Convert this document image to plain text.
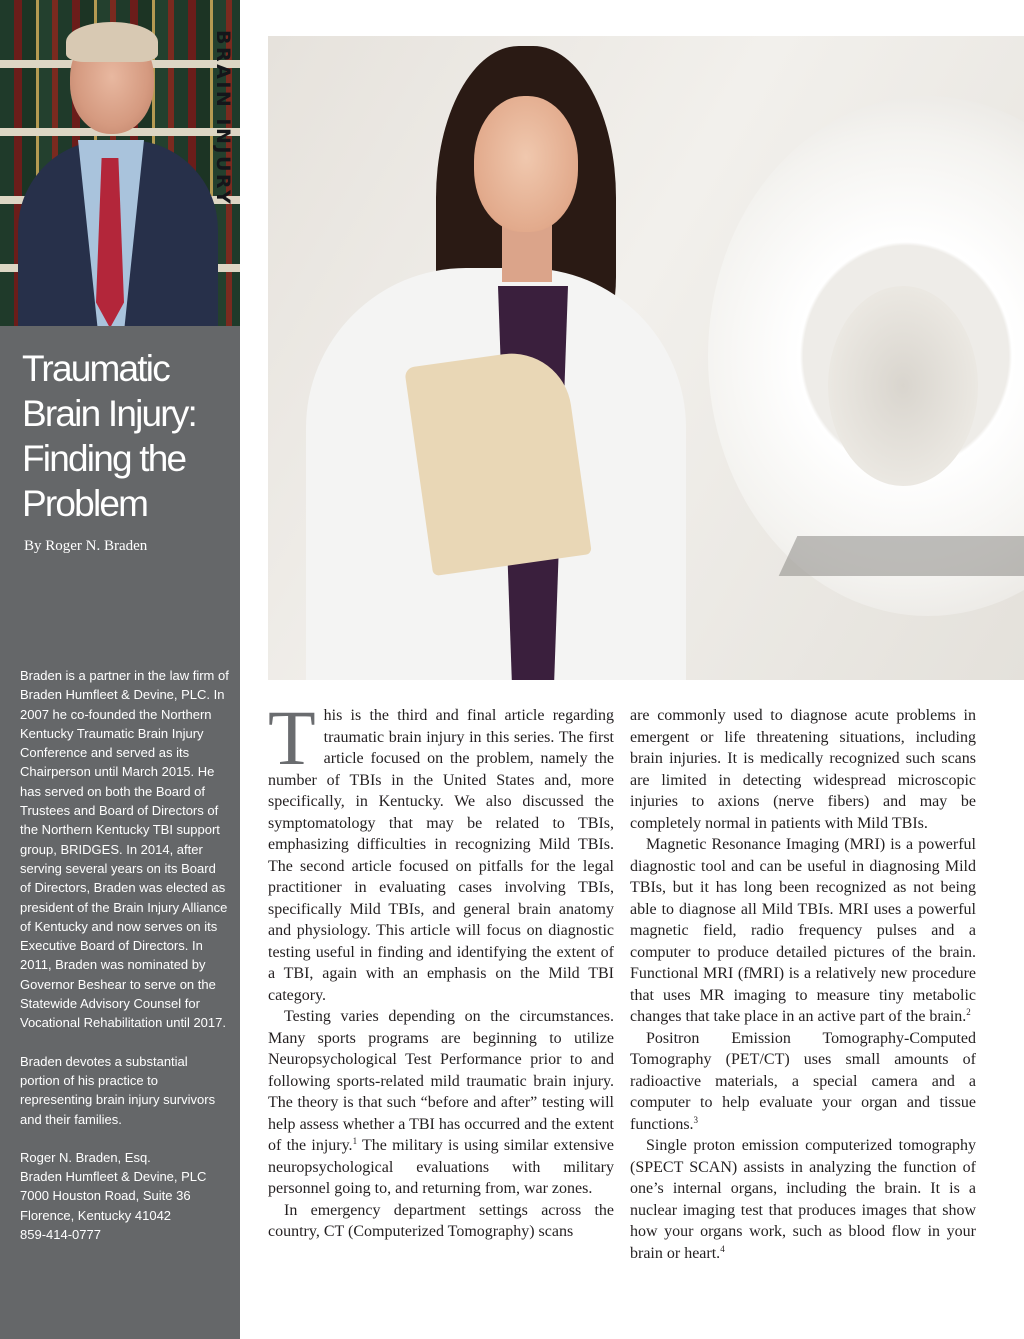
BRAIN INJURY
Traumatic Brain Injury: Finding the Problem
By Roger N. Braden

Braden is a partner in the law firm of Braden Humfleet & Devine, PLC. In 2007 he co-founded the Northern Kentucky Traumatic Brain Injury Conference and served as its Chairperson until March 2015. He has served on both the Board of Trustees and Board of Directors of the Northern Kentucky TBI support group, BRIDGES. In 2014, after serving several years on its Board of Directors, Braden was elected as president of the Brain Injury Alliance of Kentucky and now serves on its Executive Board of Directors. In 2011, Braden was nominated by Governor Beshear to serve on the Statewide Advisory Counsel for Vocational Rehabilitation until 2017.

Braden devotes a substantial portion of his practice to representing brain injury survivors and their families.

Roger N. Braden, Esq.
Braden Humfleet & Devine, PLC
7000 Houston Road, Suite 36
Florence, Kentucky 41042
859-414-0777

This is the third and final article regarding traumatic brain injury in this series. The first article focused on the problem, namely the number of TBIs in the United States and, more specifically, in Kentucky. We also discussed the symptomatology that may be related to TBIs, emphasizing difficulties in recognizing Mild TBIs. The second article focused on pitfalls for the legal practitioner in evaluating cases involving TBIs, specifically Mild TBIs, and general brain anatomy and physiology. This article will focus on diagnostic testing useful in finding and identifying the extent of a TBI, again with an emphasis on the Mild TBI category.

Testing varies depending on the circumstances. Many sports programs are beginning to utilize Neuropsychological Test Performance prior to and following sports-related mild traumatic brain injury. The theory is that such “before and after” testing will help assess whether a TBI has occurred and the extent of the injury.$^1$ The military is using similar extensive neuropsychological evaluations with military personnel going to, and returning from, war zones.

In emergency department settings across the country, CT (Computerized Tomography) scans

are commonly used to diagnose acute problems in emergent or life threatening situations, including brain injuries. It is medically recognized such scans are limited in detecting widespread microscopic injuries to axions (nerve fibers) and may be completely normal in patients with Mild TBIs.

Magnetic Resonance Imaging (MRI) is a powerful diagnostic tool and can be useful in diagnosing Mild TBIs, but it has long been recognized as not being able to diagnose all Mild TBIs. MRI uses a powerful magnetic field, radio frequency pulses and a computer to produce detailed pictures of the brain. Functional MRI (fMRI) is a relatively new procedure that uses MR imaging to measure tiny metabolic changes that take place in an active part of the brain.$^2$

Positron Emission Tomography-Computed Tomography (PET/CT) uses small amounts of radioactive materials, a special camera and a computer to help evaluate your organ and tissue functions.$^3$

Single proton emission computerized tomography (SPECT SCAN) assists in analyzing the function of one’s internal organs, including the brain. It is a nuclear imaging test that produces images that show how your organs work, such as blood flow in your brain or heart.$^4$
